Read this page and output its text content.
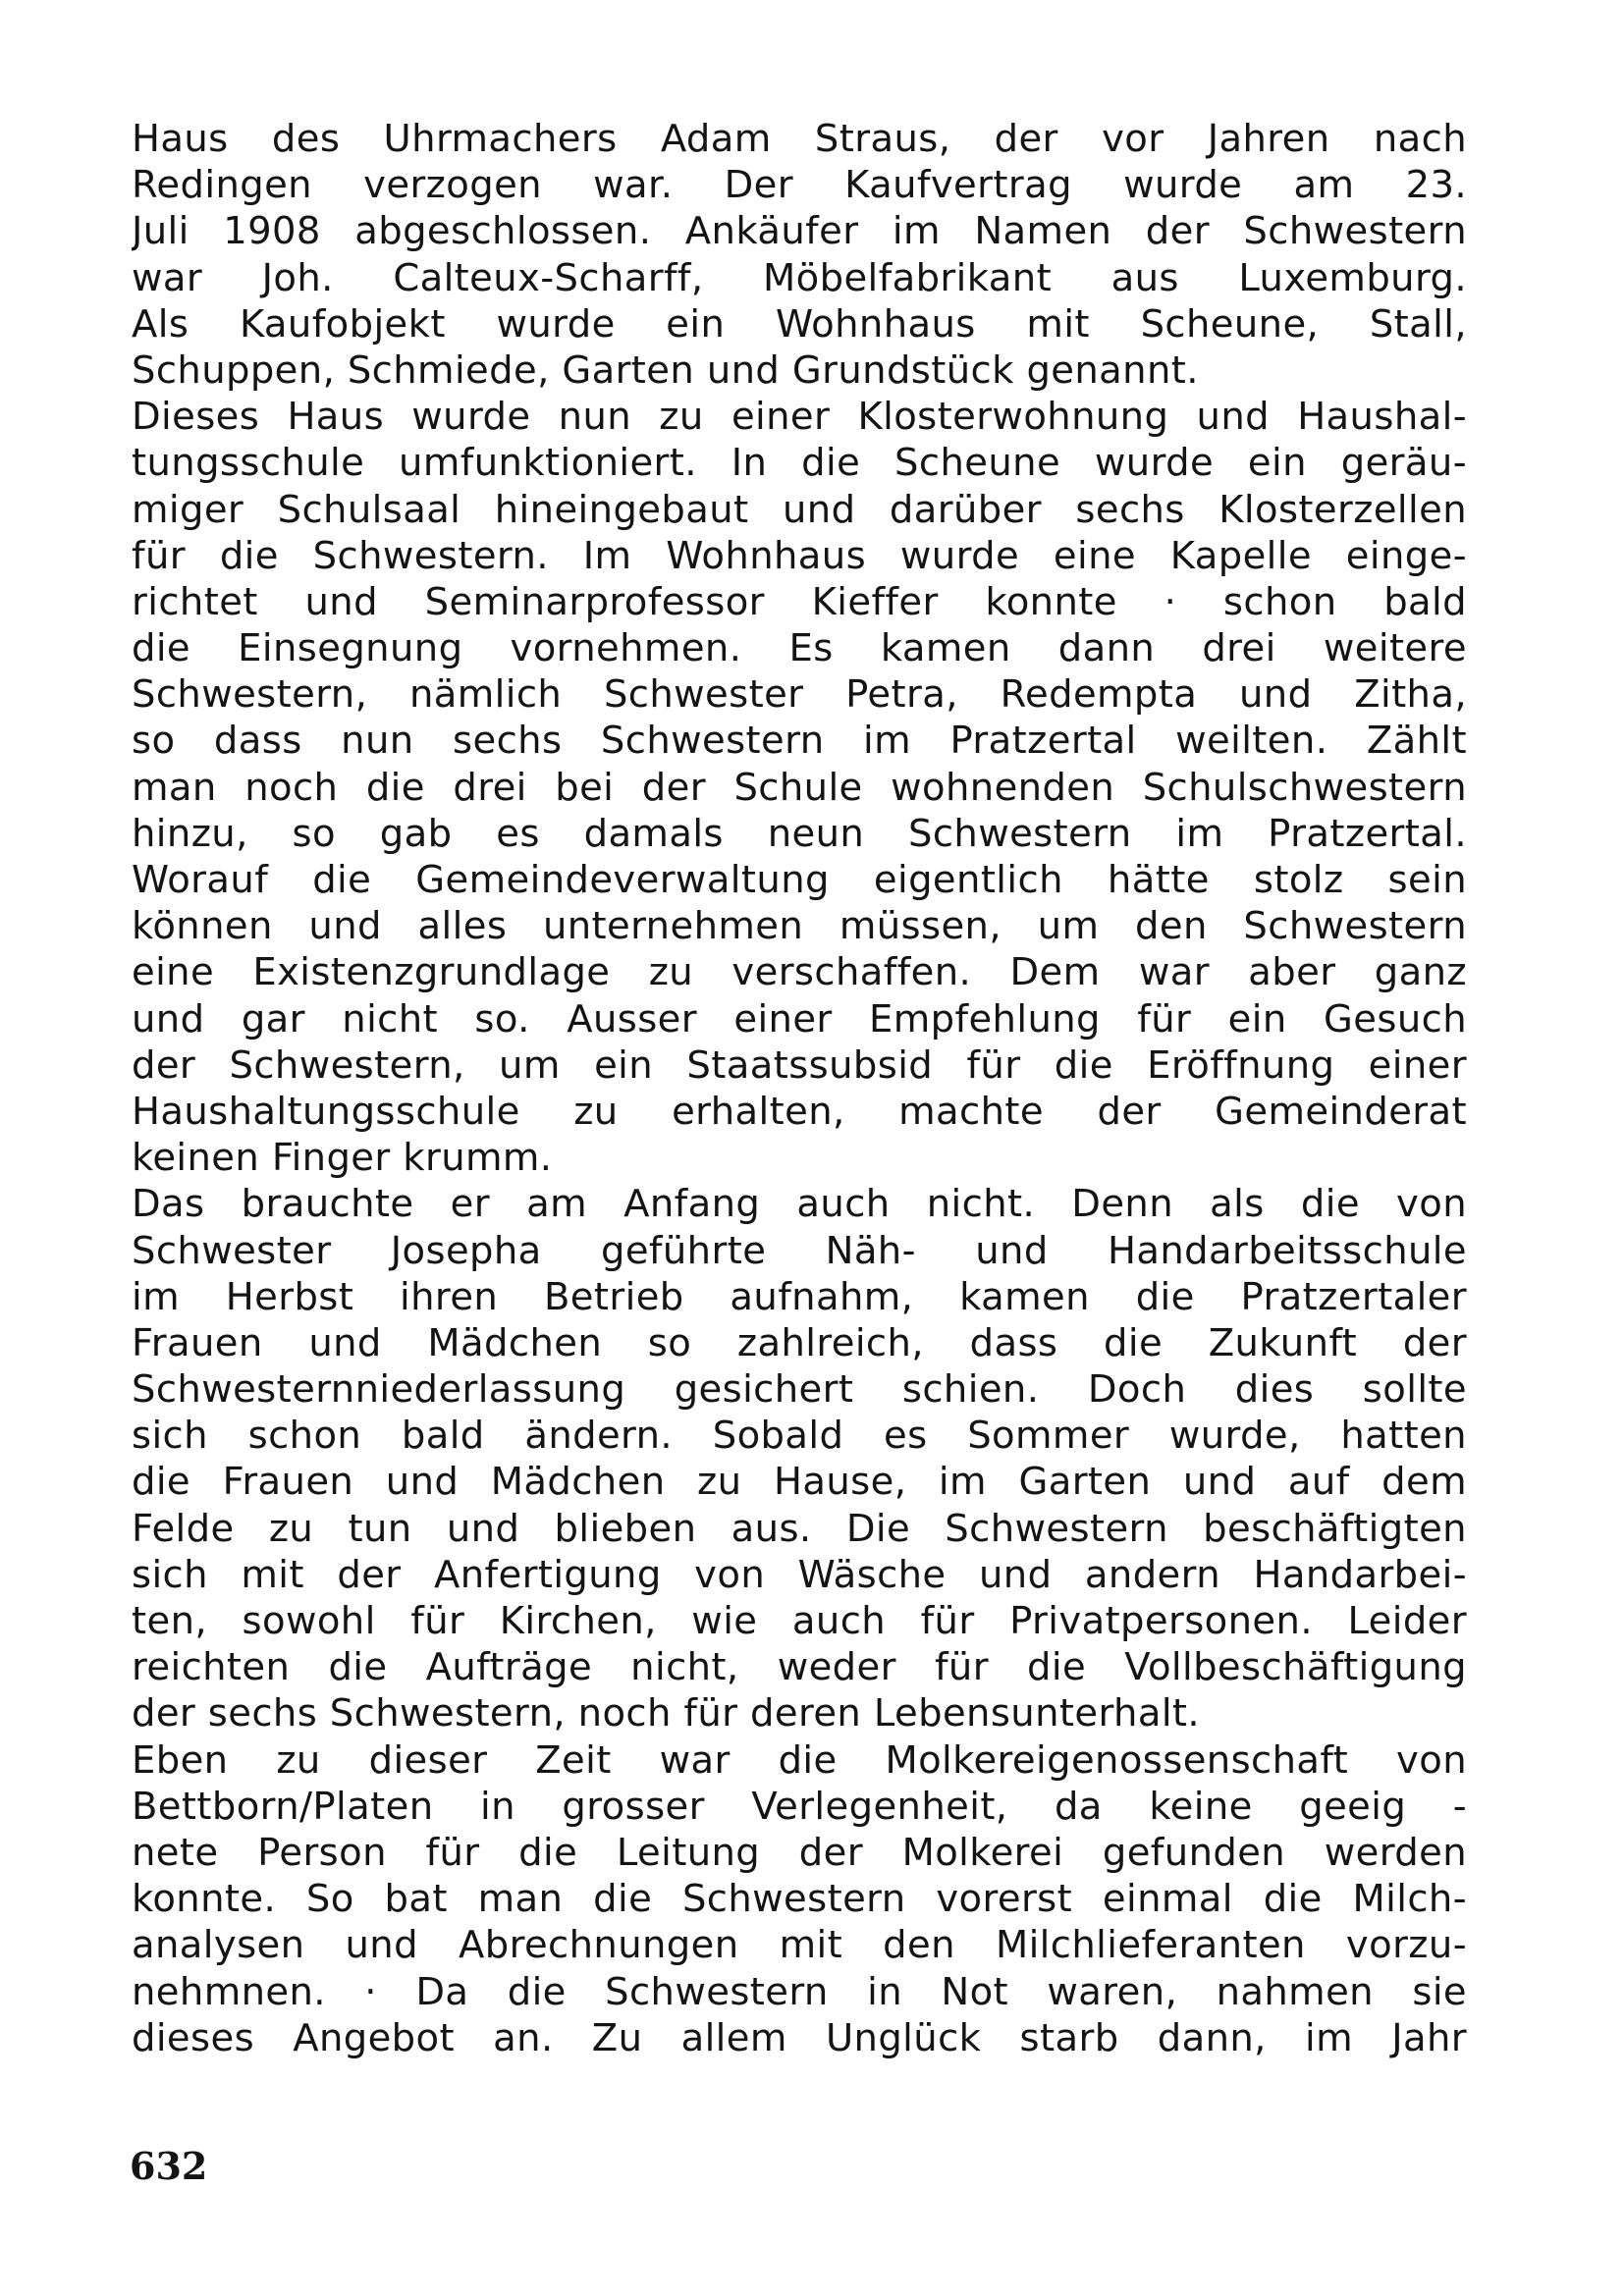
Haus des Uhrmachers Adam Straus, der vor Jahren nach
Redingen verzogen war. Der Kaufvertrag wurde am 23.
Juli 1908 abgeschlossen. Ankäufer im Namen der Schwestern
war Joh. Calteux-Scharff, Möbelfabrikant aus Luxemburg.
Als Kaufobjekt wurde ein Wohnhaus mit Scheune, Stall,
Schuppen, Schmiede, Garten und Grundstück genannt.
Dieses Haus wurde nun zu einer Klosterwohnung und Haushal-
tungsschule umfunktioniert. In die Scheune wurde ein geräu-
miger Schulsaal hineingebaut und darüber sechs Klosterzellen
für die Schwestern. Im Wohnhaus wurde eine Kapelle einge-
richtet und Seminarprofessor Kieffer konnte · schon bald
die Einsegnung vornehmen. Es kamen dann drei weitere
Schwestern, nämlich Schwester Petra, Redempta und Zitha,
so dass nun sechs Schwestern im Pratzertal weilten. Zählt
man noch die drei bei der Schule wohnenden Schulschwestern
hinzu, so gab es damals neun Schwestern im Pratzertal.
Worauf die Gemeindeverwaltung eigentlich hätte stolz sein
können und alles unternehmen müssen, um den Schwestern
eine Existenzgrundlage zu verschaffen. Dem war aber ganz
und gar nicht so. Ausser einer Empfehlung für ein Gesuch
der Schwestern, um ein Staatssubsid für die Eröffnung einer
Haushaltungsschule zu erhalten, machte der Gemeinderat
keinen Finger krumm.
Das brauchte er am Anfang auch nicht. Denn als die von
Schwester Josepha geführte Näh- und Handarbeitsschule
im Herbst ihren Betrieb aufnahm, kamen die Pratzertaler
Frauen und Mädchen so zahlreich, dass die Zukunft der
Schwesternniederlassung gesichert schien. Doch dies sollte
sich schon bald ändern. Sobald es Sommer wurde, hatten
die Frauen und Mädchen zu Hause, im Garten und auf dem
Felde zu tun und blieben aus. Die Schwestern beschäftigten
sich mit der Anfertigung von Wäsche und andern Handarbei-
ten, sowohl für Kirchen, wie auch für Privatpersonen. Leider
reichten die Aufträge nicht, weder für die Vollbeschäftigung
der sechs Schwestern, noch für deren Lebensunterhalt.
Eben zu dieser Zeit war die Molkereigenossenschaft von
Bettborn/Platen in grosser Verlegenheit, da keine geeig -
nete Person für die Leitung der Molkerei gefunden werden
konnte. So bat man die Schwestern vorerst einmal die Milch-
analysen und Abrechnungen mit den Milchlieferanten vorzu-
nehmnen. · Da die Schwestern in Not waren, nahmen sie
dieses Angebot an. Zu allem Unglück starb dann, im Jahr
632
